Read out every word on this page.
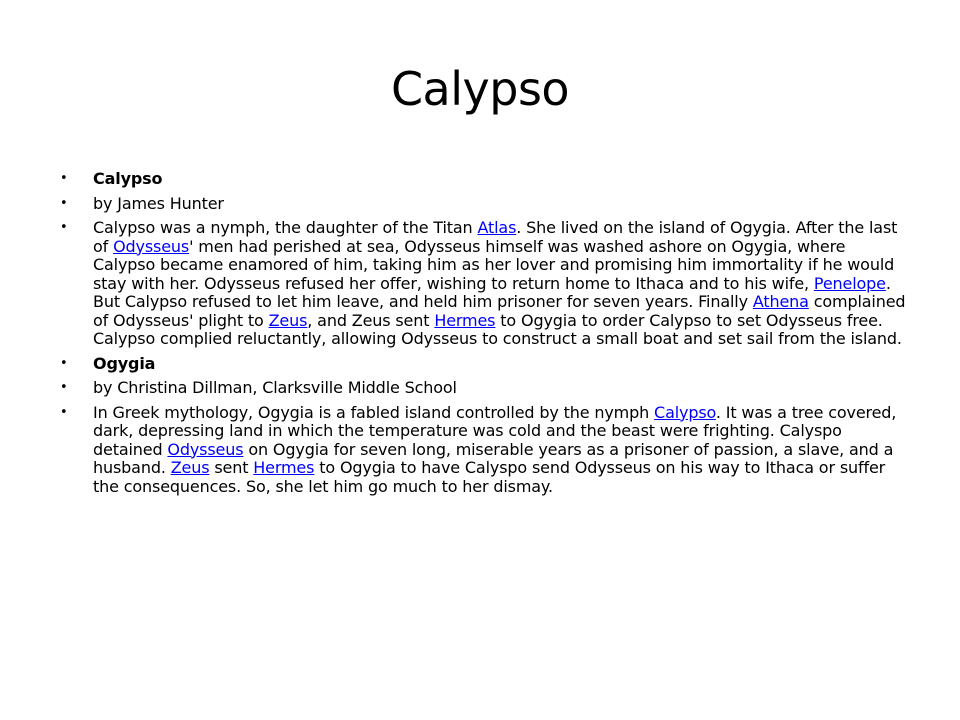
Calypso
• Calypso
• by James Hunter
• Calypso was a nymph, the daughter of the Titan Atlas. She lived on the island of Ogygia. After the last of Odysseus' men had perished at sea, Odysseus himself was washed ashore on Ogygia, where Calypso became enamored of him, taking him as her lover and promising him immortality if he would stay with her. Odysseus refused her offer, wishing to return home to Ithaca and to his wife, Penelope. But Calypso refused to let him leave, and held him prisoner for seven years. Finally Athena complained of Odysseus' plight to Zeus, and Zeus sent Hermes to Ogygia to order Calypso to set Odysseus free. Calypso complied reluctantly, allowing Odysseus to construct a small boat and set sail from the island.
• Ogygia
• by Christina Dillman, Clarksville Middle School
• In Greek mythology, Ogygia is a fabled island controlled by the nymph Calypso. It was a tree covered, dark, depressing land in which the temperature was cold and the beast were frighting. Calyspo detained Odysseus on Ogygia for seven long, miserable years as a prisoner of passion, a slave, and a husband. Zeus sent Hermes to Ogygia to have Calyspo send Odysseus on his way to Ithaca or suffer the consequences. So, she let him go much to her dismay.
